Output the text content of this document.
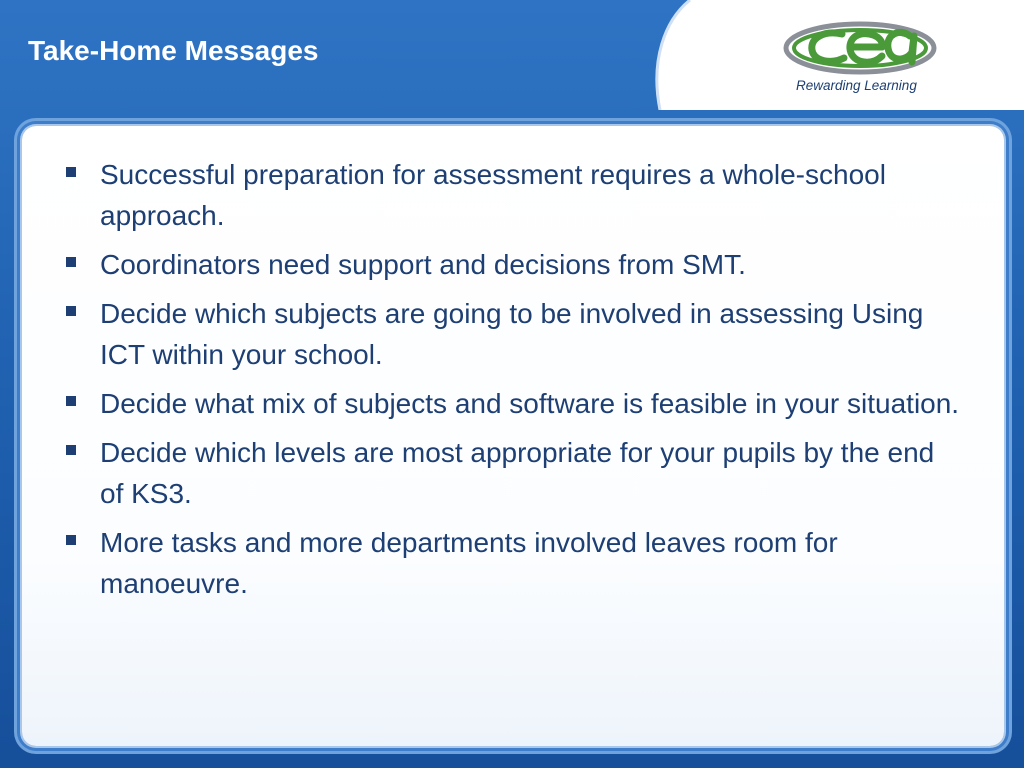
Take-Home Messages
Rewarding Learning
Successful preparation for assessment requires a whole-school approach.
Coordinators need support and decisions from SMT.
Decide which subjects are going to be involved in assessing Using ICT within your school.
Decide what mix of subjects and software is feasible in your situation.
Decide which levels are most appropriate for your pupils by the end of KS3.
More tasks and more departments involved leaves room for manoeuvre.
